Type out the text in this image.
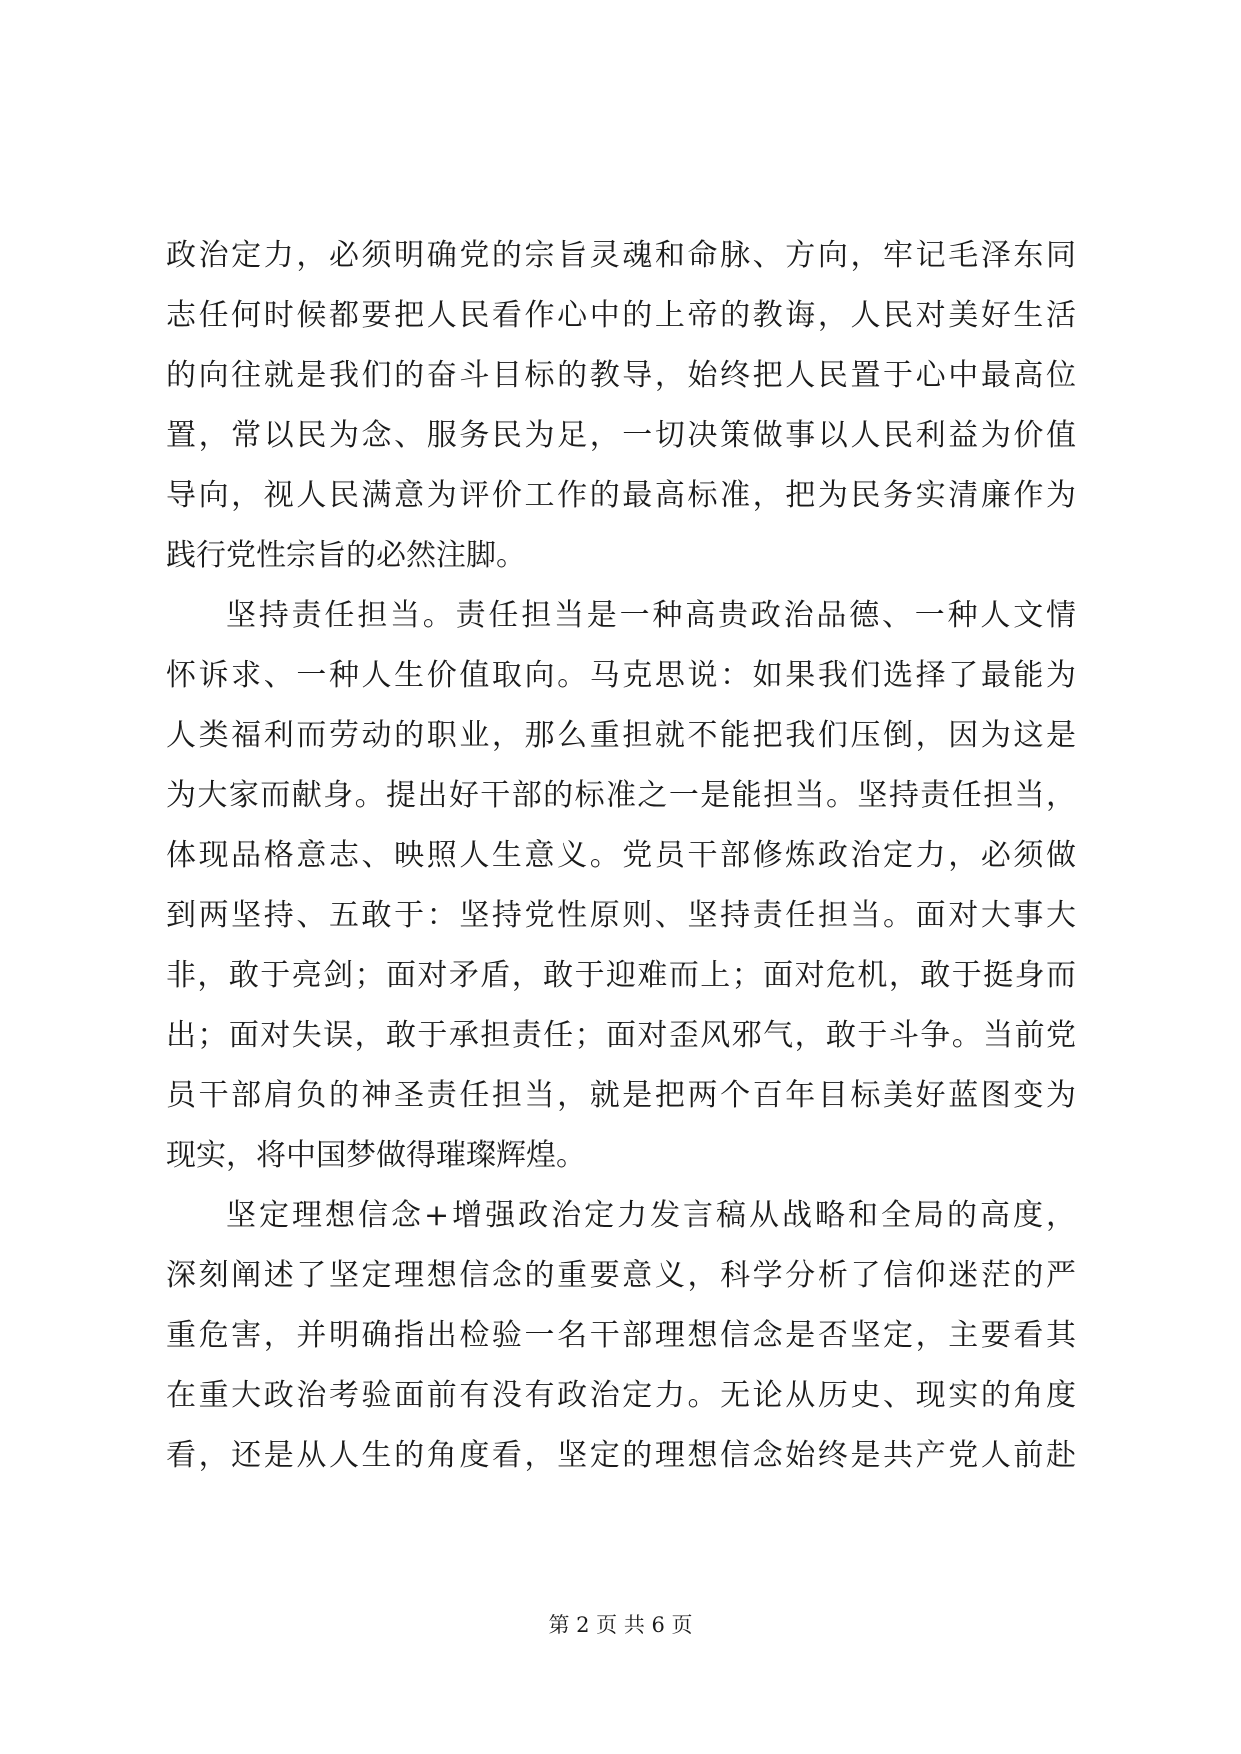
政治定力，必须明确党的宗旨灵魂和命脉、方向，牢记毛泽东同
志任何时候都要把人民看作心中的上帝的教诲，人民对美好生活
的向往就是我们的奋斗目标的教导，始终把人民置于心中最高位
置，常以民为念、服务民为足，一切决策做事以人民利益为价值
导向，视人民满意为评价工作的最高标准，把为民务实清廉作为
践行党性宗旨的必然注脚。
坚持责任担当。责任担当是一种高贵政治品德、一种人文情
怀诉求、一种人生价值取向。马克思说：如果我们选择了最能为
人类福利而劳动的职业，那么重担就不能把我们压倒，因为这是
为大家而献身。提出好干部的标准之一是能担当。坚持责任担当，
体现品格意志、映照人生意义。党员干部修炼政治定力，必须做
到两坚持、五敢于：坚持党性原则、坚持责任担当。面对大事大
非，敢于亮剑；面对矛盾，敢于迎难而上；面对危机，敢于挺身而
出；面对失误，敢于承担责任；面对歪风邪气，敢于斗争。当前党
员干部肩负的神圣责任担当，就是把两个百年目标美好蓝图变为
现实，将中国梦做得璀璨辉煌。
坚定理想信念+增强政治定力发言稿从战略和全局的高度，
深刻阐述了坚定理想信念的重要意义，科学分析了信仰迷茫的严
重危害，并明确指出检验一名干部理想信念是否坚定，主要看其
在重大政治考验面前有没有政治定力。无论从历史、现实的角度
看，还是从人生的角度看，坚定的理想信念始终是共产党人前赴
第 2 页 共 6 页
